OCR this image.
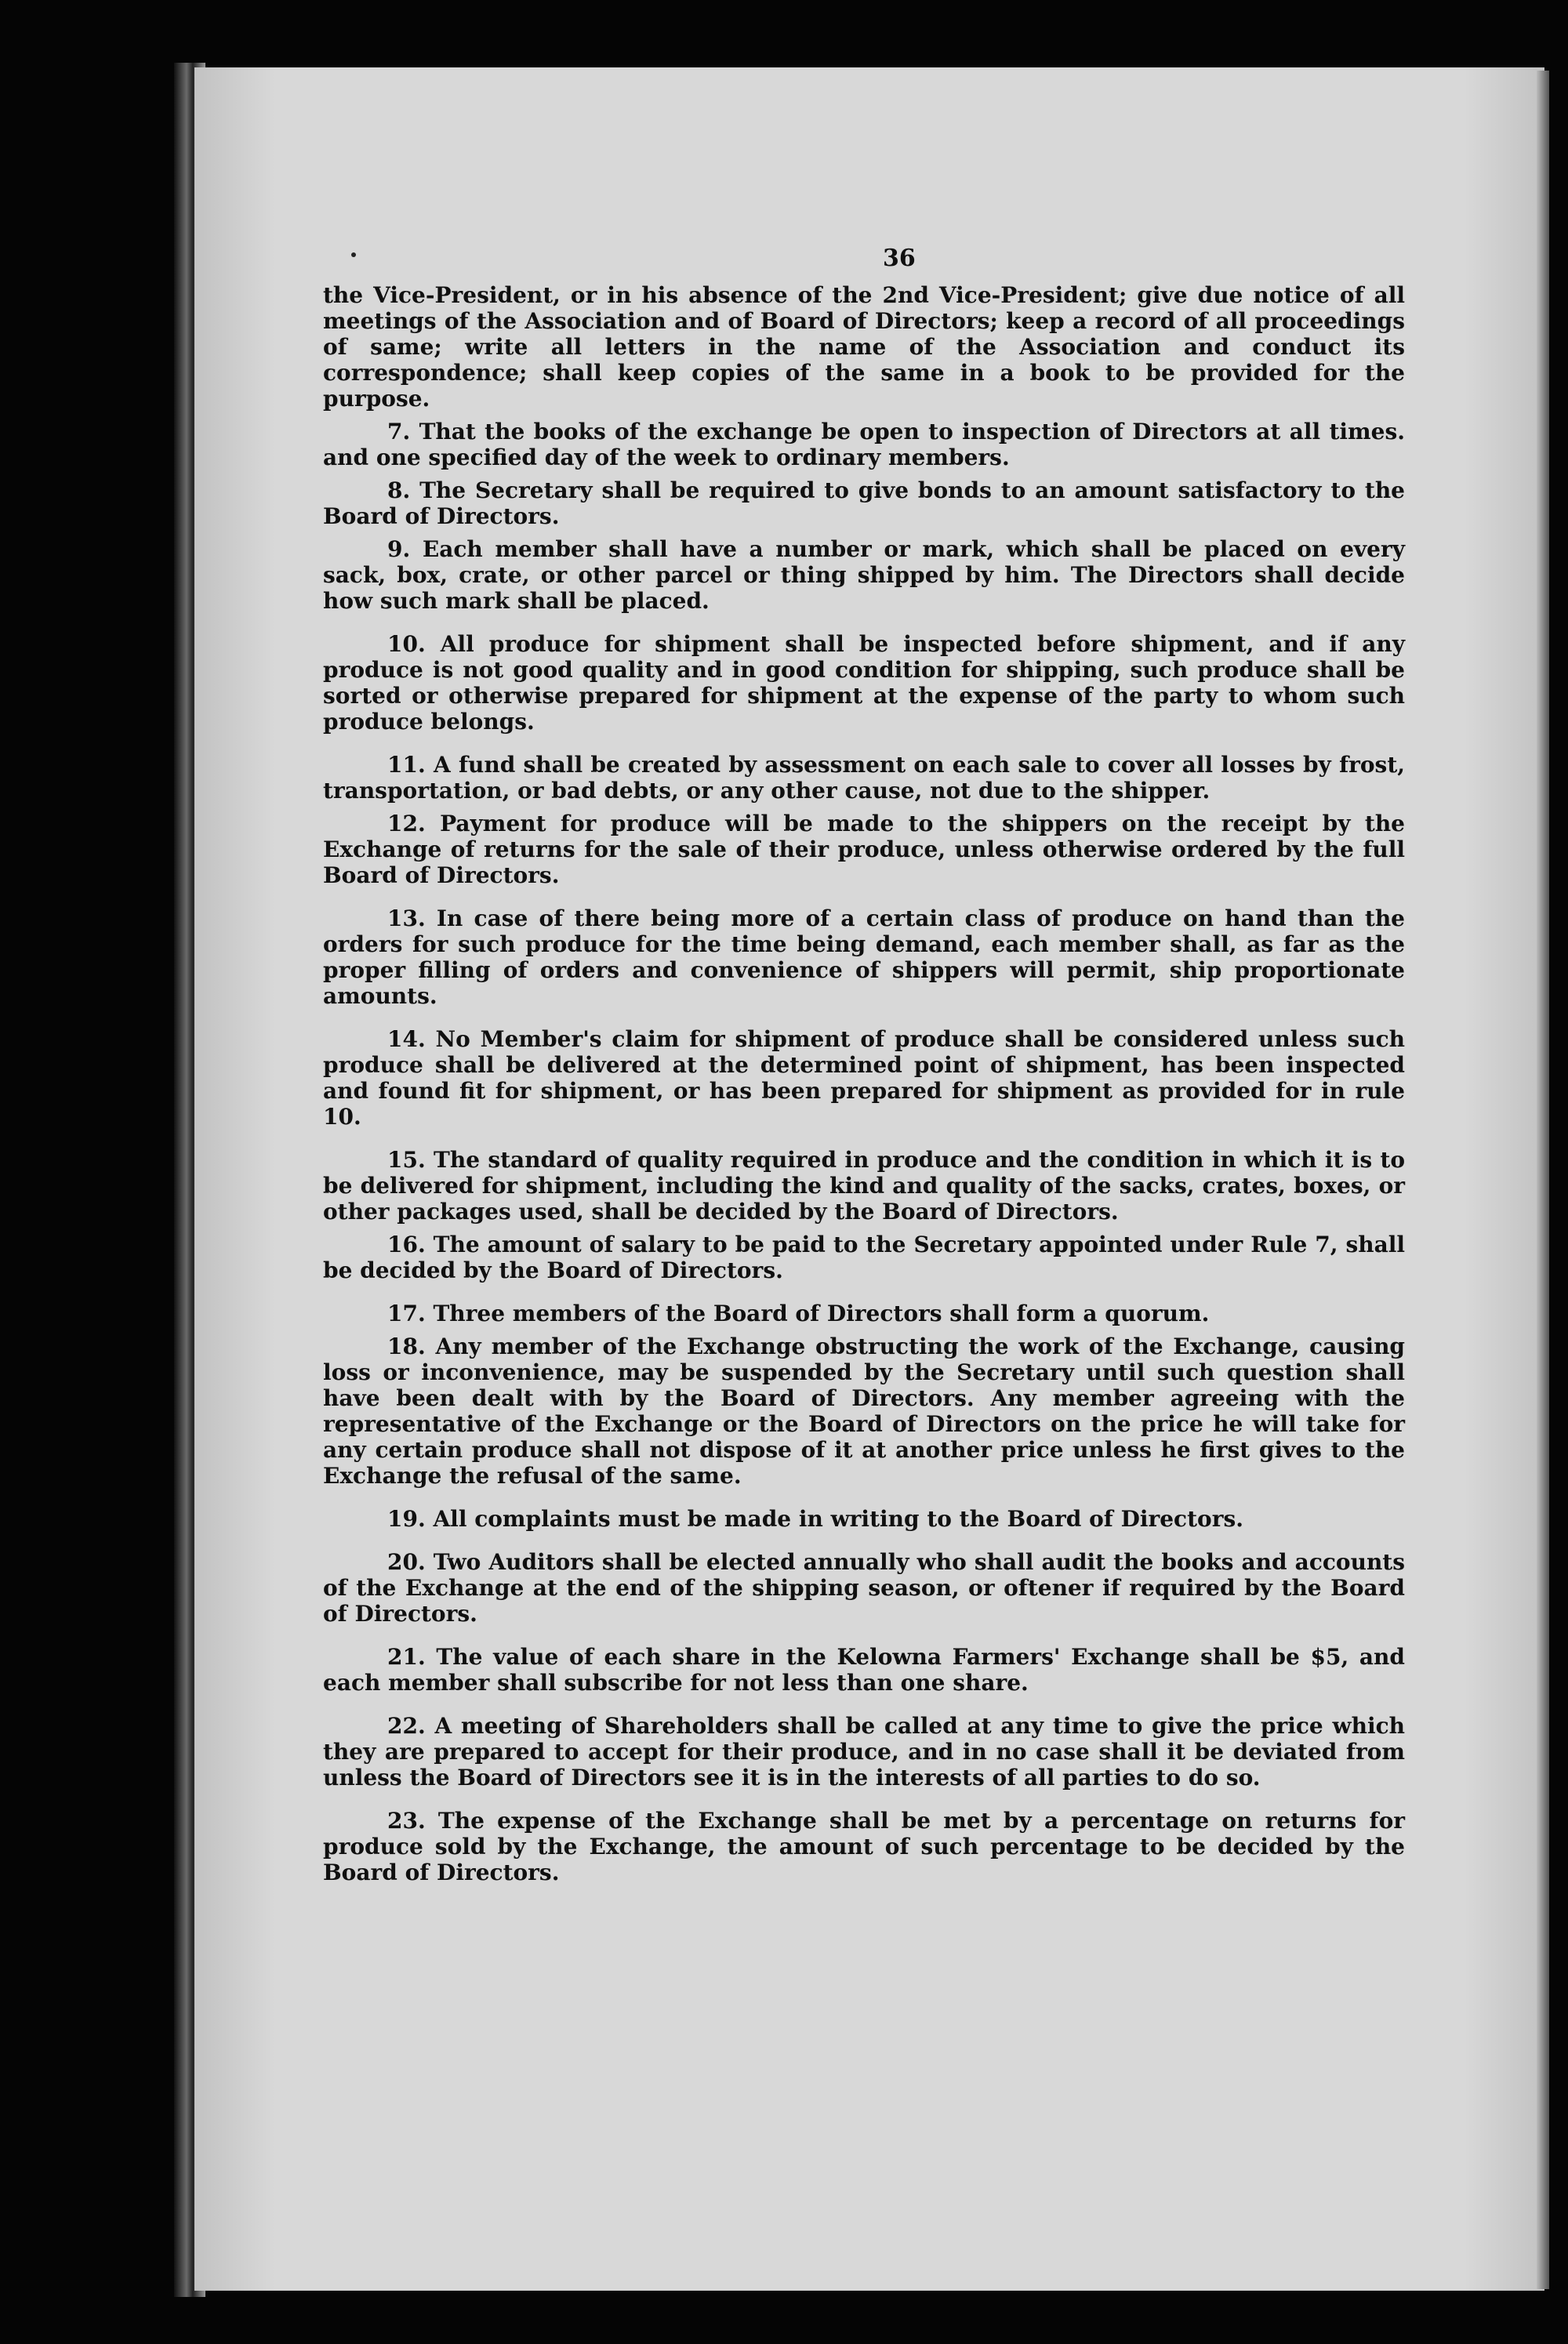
36

the Vice-President, or in his absence of the 2nd Vice-President; give due notice of all meetings of the Association and of Board of Directors; keep a record of all proceedings of same; write all letters in the name of the Association and conduct its correspondence; shall keep copies of the same in a book to be provided for the purpose.

7. That the books of the exchange be open to inspection of Directors at all times. and one specified day of the week to ordinary members.

8. The Secretary shall be required to give bonds to an amount satisfactory to the Board of Directors.

9. Each member shall have a number or mark, which shall be placed on every sack, box, crate, or other parcel or thing shipped by him. The Directors shall decide how such mark shall be placed.

10. All produce for shipment shall be inspected before shipment, and if any produce is not good quality and in good condition for shipping, such produce shall be sorted or otherwise prepared for shipment at the expense of the party to whom such produce belongs.

11. A fund shall be created by assessment on each sale to cover all losses by frost, transportation, or bad debts, or any other cause, not due to the shipper.

12. Payment for produce will be made to the shippers on the receipt by the Exchange of returns for the sale of their produce, unless otherwise ordered by the full Board of Directors.

13. In case of there being more of a certain class of produce on hand than the orders for such produce for the time being demand, each member shall, as far as the proper filling of orders and convenience of shippers will permit, ship proportionate amounts.

14. No Member's claim for shipment of produce shall be considered unless such produce shall be delivered at the determined point of shipment, has been inspected and found fit for shipment, or has been prepared for shipment as provided for in rule 10.

15. The standard of quality required in produce and the condition in which it is to be delivered for shipment, including the kind and quality of the sacks, crates, boxes, or other packages used, shall be decided by the Board of Directors.

16. The amount of salary to be paid to the Secretary appointed under Rule 7, shall be decided by the Board of Directors.

17. Three members of the Board of Directors shall form a quorum.

18. Any member of the Exchange obstructing the work of the Exchange, causing loss or inconvenience, may be suspended by the Secretary until such question shall have been dealt with by the Board of Directors. Any member agreeing with the representative of the Exchange or the Board of Directors on the price he will take for any certain produce shall not dispose of it at another price unless he first gives to the Exchange the refusal of the same.

19. All complaints must be made in writing to the Board of Directors.

20. Two Auditors shall be elected annually who shall audit the books and accounts of the Exchange at the end of the shipping season, or oftener if required by the Board of Directors.

21. The value of each share in the Kelowna Farmers' Exchange shall be $5, and each member shall subscribe for not less than one share.

22. A meeting of Shareholders shall be called at any time to give the price which they are prepared to accept for their produce, and in no case shall it be deviated from unless the Board of Directors see it is in the interests of all parties to do so.

23. The expense of the Exchange shall be met by a percentage on returns for produce sold by the Exchange, the amount of such percentage to be decided by the Board of Directors.
